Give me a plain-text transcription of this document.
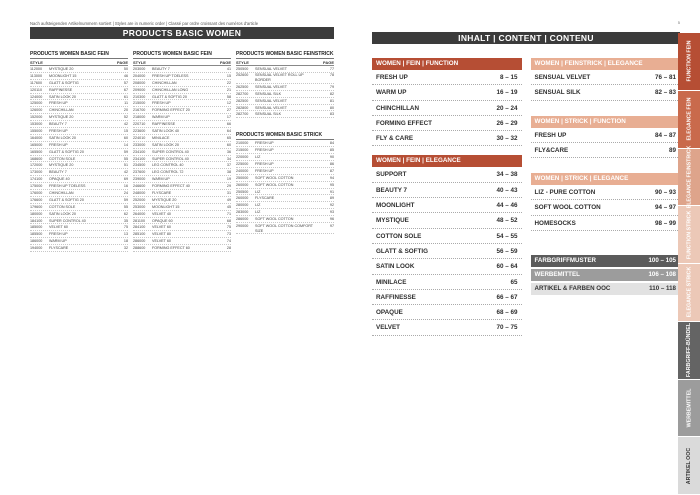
Nach aufsteigenden Artikelnummern sortiert | Styles are in numeric order | Classé par ordre croissant des numéros d'article
PRODUCTS BASIC WOMEN
PRODUCTS WOMEN BASIC FEIN
STYLE	PAGE
112000	MYSTIQUE 20	50
113000	MOONLIGHT 15	46
117600	GLATT & SOFTIG	57
120110	RAFFINESSE	67
124000	SATIN LOOK 20	61
125000	FRESH UP	11
126000	CHINCHILLAN	20
152000	MYSTIQUE 20	52
153000	BEAUTY 7	42
155000	FRESH UP	15
164000	SATIN LOOK 20	60
165000	FRESH UP	14
165500	GLATT & SOFTIG 20	59
168600	COTTON SOLE	55
172000	MYSTIQUE 20	51
173000	BEAUTY 7	42
174100	OPAQUE 40	69
175000	FRESH UP TOELESS	16
176000	CHINCHILLAN	24
176600	GLATT & SOFTIG 20	59
179600	COTTON SOLE	55
180000	SATIN LOOK 20	62
184100	SUPER CONTROL 40	35
185000	VELVET 60	75
185500	FRESH UP	13
186000	WARM UP	18
194000	FLYSCARE	32
PRODUCTS WOMEN BASIC FEIN
STYLE	PAGE
203000	BEAUTY 7	41
204000	FRESH UP TOELESS	15
208000	CHINCHILLAN	22
209000	CHINCHILLAN LONG	21
210300	GLATT & SOFTIG 20	58
215000	FRESH UP	12
216700	FORMING EFFECT 20	27
218000	WARM UP	17
220710	RAFFINESSE	66
223600	SATIN LOOK 40	64
224010	MINILACE	65
233000	SATIN LOOK 20	60
234100	SUPER CONTROL 40	36
234100	SUPER CONTROL 40	34
234500	LEG CONTROL 40	37
237600	LEG CONTROL 72	38
239000	WARM UP	19
246600	FORMING EFFECT 40	29
248000	FLYSCARE	31
252000	MYSTIQUE 20	49
253000	MOONLIGHT 15	45
264000	VELVET 40	71
281100	OPAQUE 60	68
284100	VELVET 60	75
285100	VELVET 80	73
286000	VELVET 60	74
288600	FORMING EFFECT 60	28
PRODUCTS WOMEN BASIC FEINSTRICK
STYLE	PAGE
250500	SENSUAL VELVET	77
252600	SENSUAL VELVET ROLL UP BORDER
78
262500	SENSUAL VELVET	79
282700	SENSUAL SILK	82
282500	SENSUAL VELVET	81
282800	SENSUAL VELVET	80
282700	SENSUAL SILK	83
PRODUCTS WOMEN BASIC STRICK
210000	FRESH UP	84
215000	FRESH UP	85
220000	LIZ	90
225000	FRESH UP	86
240000	FRESH UP	87
250000	SOFT WOOL COTTON	94
260000	SOFT WOOL COTTON	95
250500	LIZ	91
260000	FLYSCARE	89
280000	LIZ	92
283000	LIZ	93
286000	SOFT WOOL COTTON	96
290000	SOFT WOOL COTTON COMFORT SIZE
97
5
INHALT | CONTENT | CONTENU
WOMEN | FEIN | FUNCTION
FRESH UP	8 – 15
WARM UP	16 – 19
CHINCHILLAN	20 – 24
FORMING EFFECT	26 – 29
FLY & CARE	30 – 32
WOMEN | FEIN | ELEGANCE
SUPPORT	34 – 38
BEAUTY 7	40 – 43
MOONLIGHT	44 – 46
MYSTIQUE	48 – 52
COTTON SOLE	54 – 55
GLATT & SOFTIG	56 – 59
SATIN LOOK	60 – 64
MINILACE	65
RAFFINESSE	66 – 67
OPAQUE	68 – 69
VELVET	70 – 75
WOMEN | FEINSTRICK | ELEGANCE
SENSUAL VELVET	76 – 81
SENSUAL SILK	82 – 83
WOMEN | STRICK | FUNCTION
FRESH UP	84 – 87
FLY&CARE	89
WOMEN | STRICK | ELEGANCE
LIZ - PURE COTTON	90 – 93
SOFT WOOL COTTON	94 – 97
HOMESOCKS	98 – 99
FARBGRIFFMUSTER	100 – 105
WERBEMITTEL	106 – 108
ARTIKEL & FARBEN OOC	110 – 118
FUNCTION FEIN
ELEGANCE FEIN
ELEGANCE FEINSTRICK
FUNCTION STRICK
ELEGANCE STRICK
FARBGRIFF-BÜNDEL
WERBEMITTEL
ARTIKEL OOC
